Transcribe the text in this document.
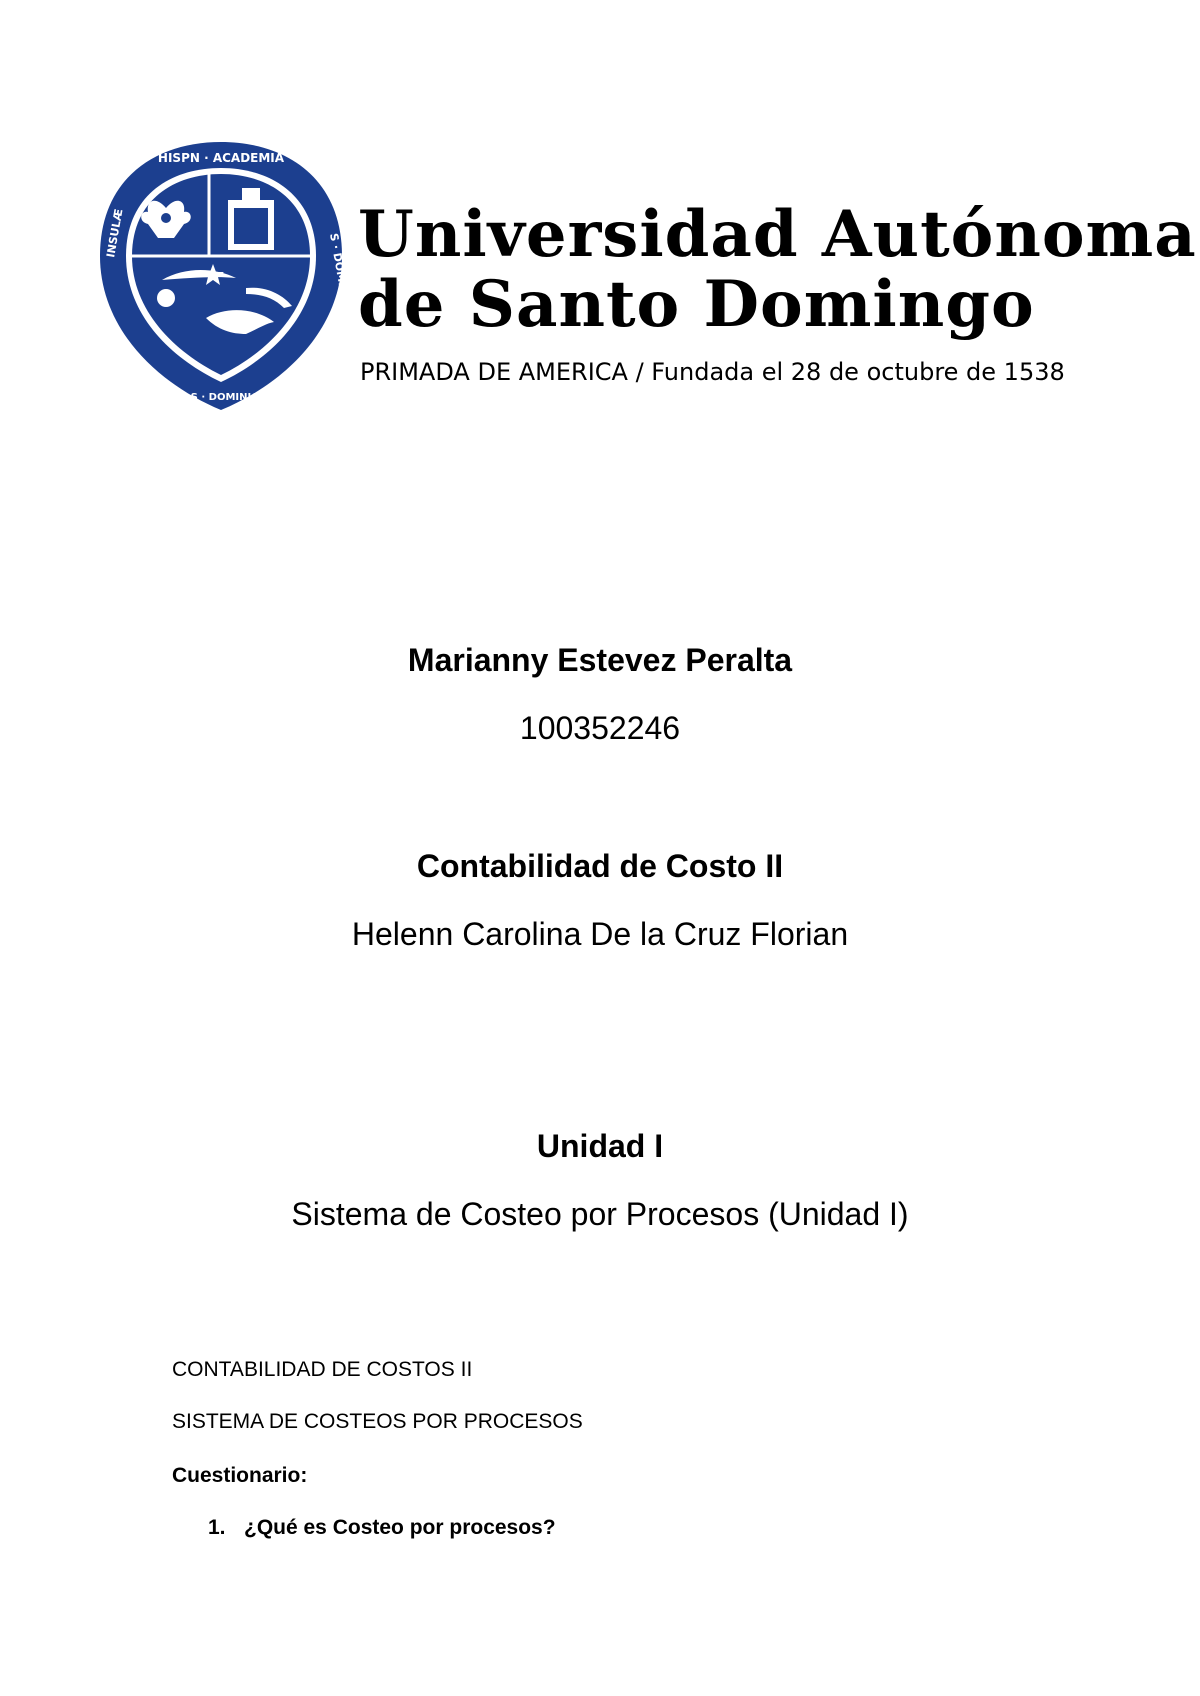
HISPN · ACADEMIA
INSULÆ	S · DOMINICI
CONV · S · DOMINICI · IMP
Universidad Autónoma
de Santo Domingo

PRIMADA DE AMERICA / Fundada el 28 de octubre de 1538

Marianny Estevez Peralta

100352246

Contabilidad de Costo II

Helenn Carolina De la Cruz Florian

Unidad I

Sistema de Costeo por Procesos (Unidad I)

CONTABILIDAD DE COSTOS II

SISTEMA DE COSTEOS POR PROCESOS

Cuestionario:

1. ¿Qué es Costeo por procesos?
